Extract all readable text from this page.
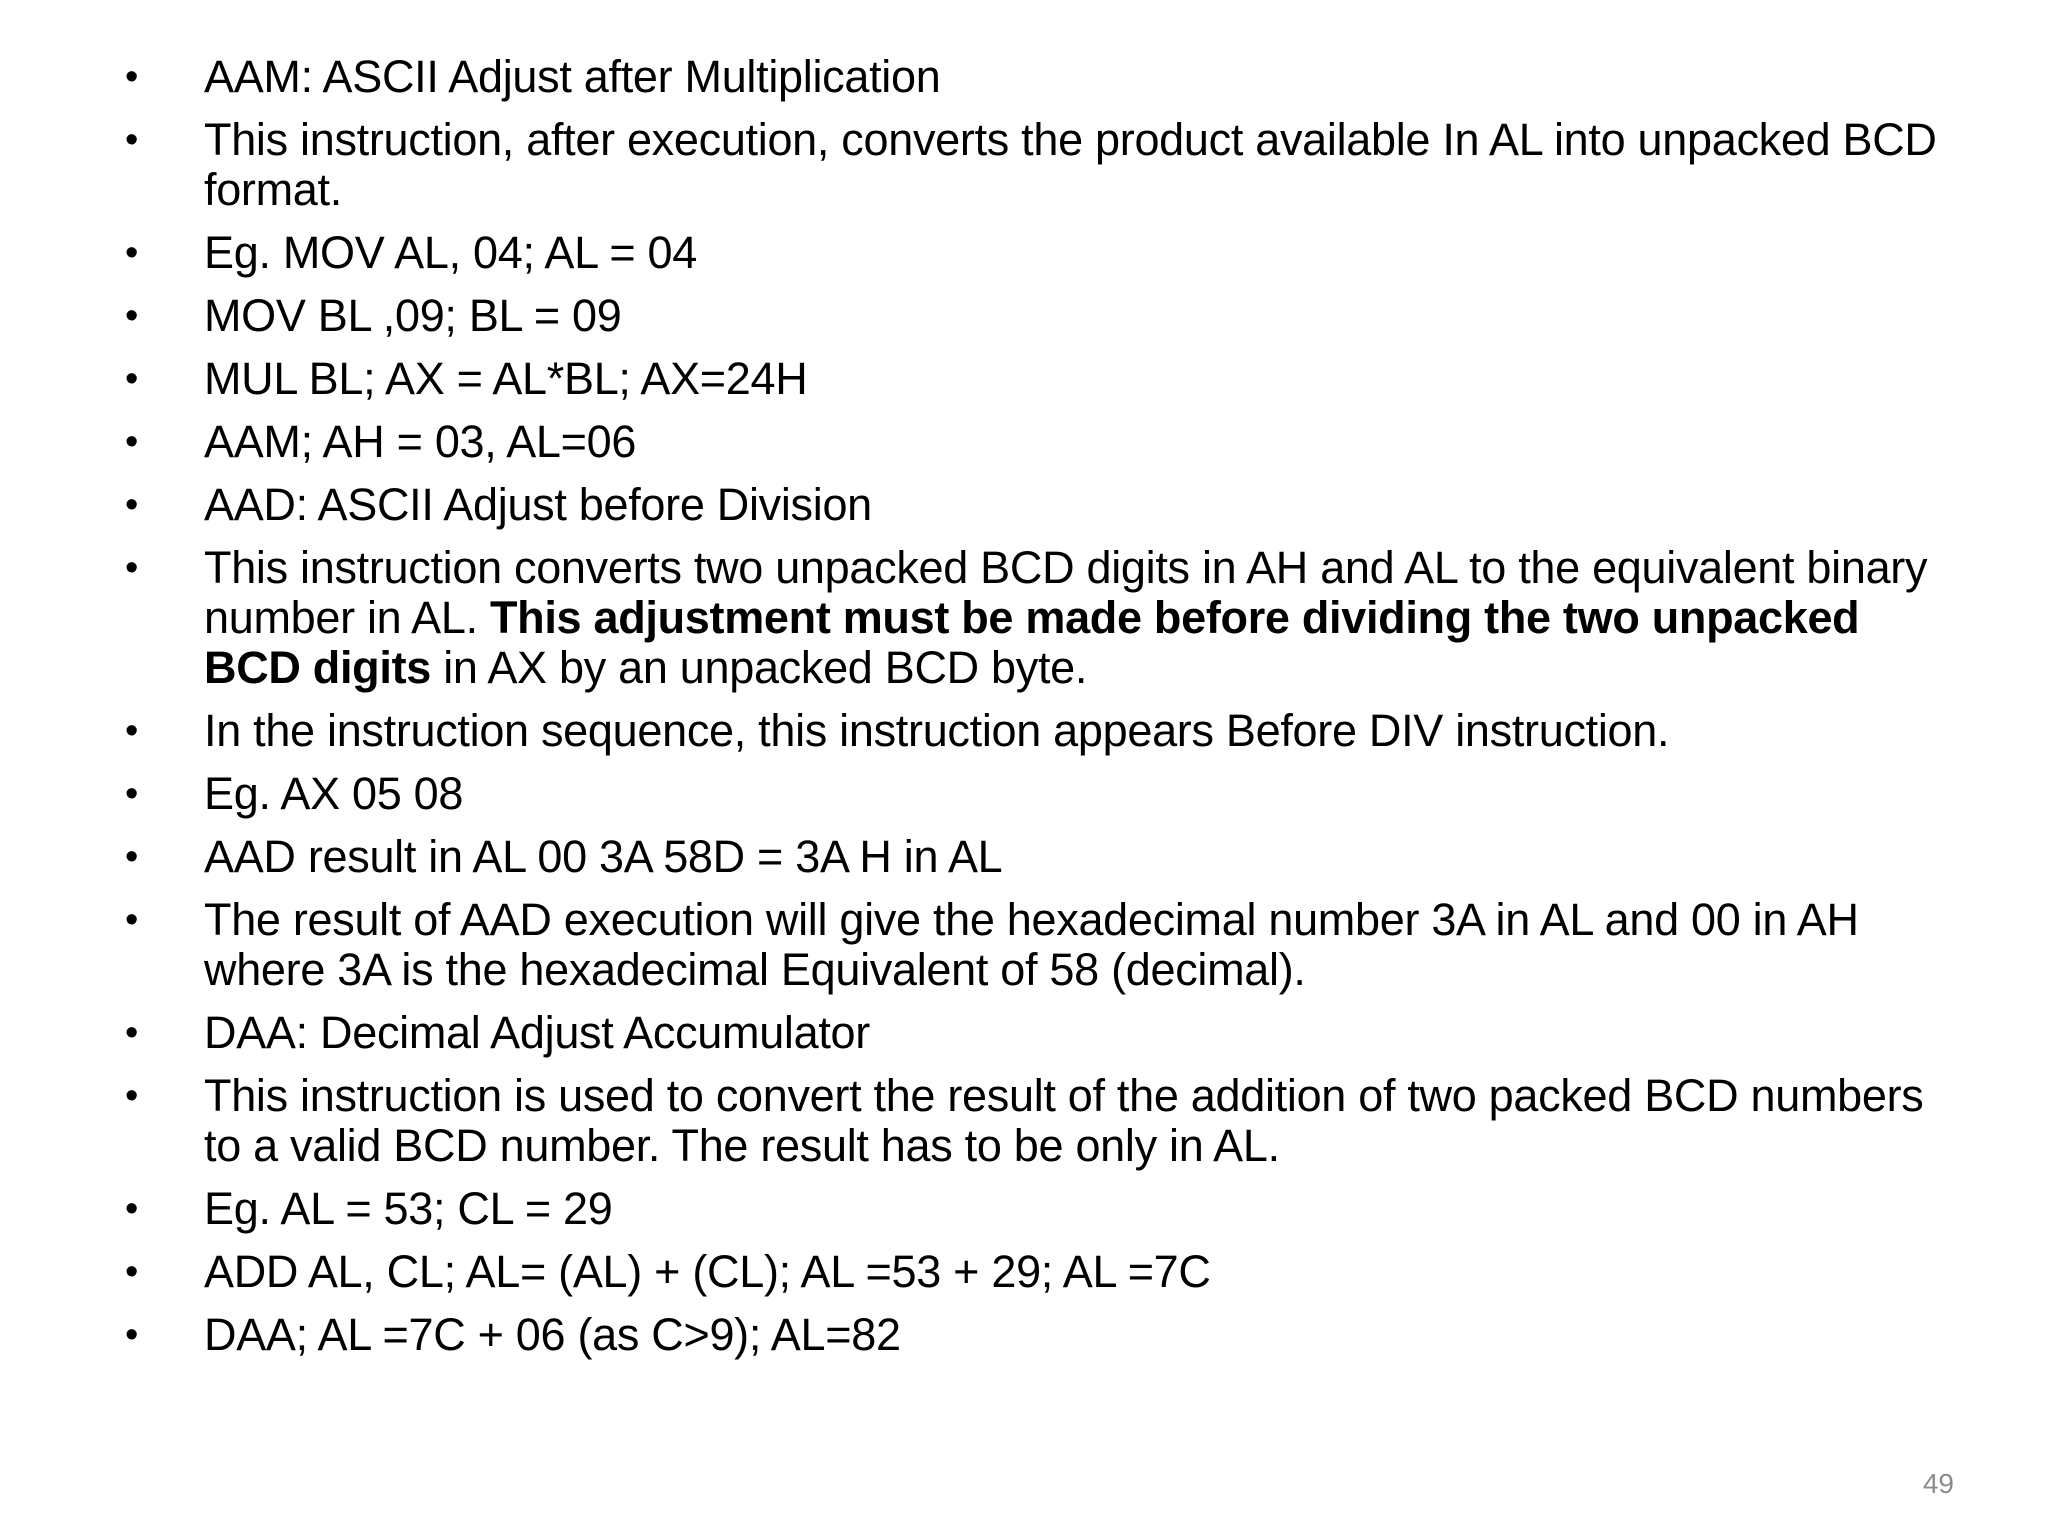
•	AAM: ASCII Adjust after Multiplication
•	This instruction, after execution, converts the product available In AL into unpacked BCD format.
•	Eg. MOV AL, 04; AL = 04
•	MOV BL ,09; BL = 09
•	MUL BL; AX = AL*BL; AX=24H
•	AAM; AH = 03, AL=06
•	AAD: ASCII Adjust before Division
•	This instruction converts two unpacked BCD digits in AH and AL to the equivalent binary number in AL. This adjustment must be made before dividing the two unpacked BCD digits in AX by an unpacked BCD byte.
•	In the instruction sequence, this instruction appears Before DIV instruction.
•	Eg. AX 05 08
•	AAD result in AL 00 3A 58D = 3A H in AL
•	The result of AAD execution will give the hexadecimal number 3A in AL and 00 in AH where 3A is the hexadecimal Equivalent of 58 (decimal).
•	DAA: Decimal Adjust Accumulator
•	This instruction is used to convert the result of the addition of two packed BCD numbers to a valid BCD number. The result has to be only in AL.
•	Eg. AL = 53; CL = 29
•	ADD AL, CL; AL= (AL) + (CL); AL =53 + 29; AL =7C
•	DAA; AL =7C + 06 (as C>9); AL=82
49
